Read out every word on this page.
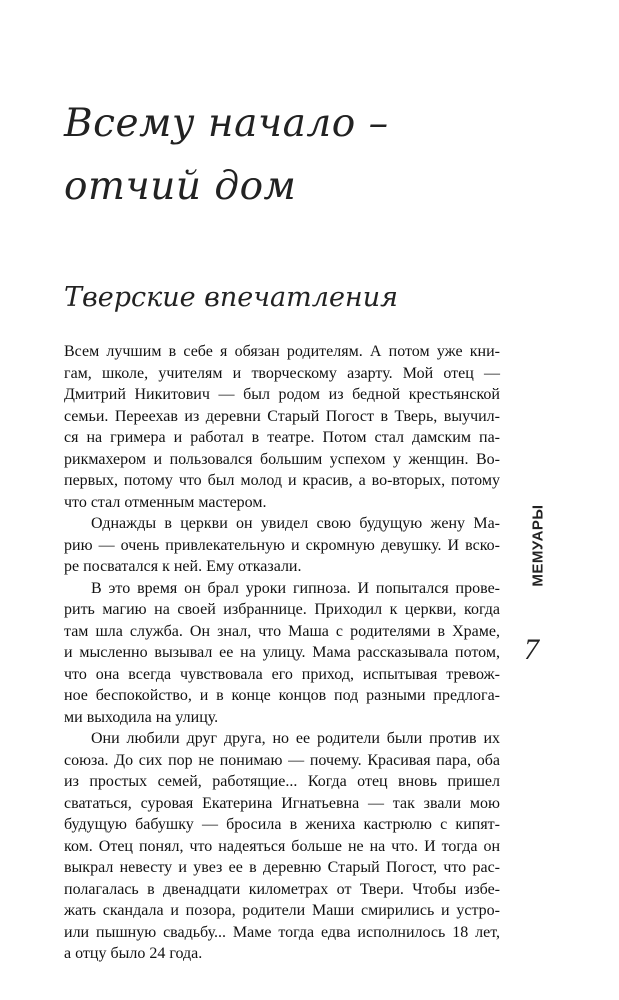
Всему начало –
отчий дом
Тверские впечатления

Всем лучшим в себе я обязан родителям. А потом уже кни-
гам, школе, учителям и творческому азарту. Мой отец —
Дмитрий Никитович — был родом из бедной крестьянской
семьи. Переехав из деревни Старый Погост в Тверь, выучил-
ся на гримера и работал в театре. Потом стал дамским па-
рикмахером и пользовался большим успехом у женщин. Во-
первых, потому что был молод и красив, а во-вторых, потому
что стал отменным мастером.

Однажды в церкви он увидел свою будущую жену Ма-
рию — очень привлекательную и скромную девушку. И вско-
ре посватался к ней. Ему отказали.

В это время он брал уроки гипноза. И попытался прове-
рить магию на своей избраннице. Приходил к церкви, когда
там шла служба. Он знал, что Маша с родителями в Храме,
и мысленно вызывал ее на улицу. Мама рассказывала потом,
что она всегда чувствовала его приход, испытывая тревож-
ное беспокойство, и в конце концов под разными предлога-
ми выходила на улицу.

Они любили друг друга, но ее родители были против их
союза. До сих пор не понимаю — почему. Красивая пара, оба
из простых семей, работящие... Когда отец вновь пришел
свататься, суровая Екатерина Игнатьевна — так звали мою
будущую бабушку — бросила в жениха кастрюлю с кипят-
ком. Отец понял, что надеяться больше не на что. И тогда он
выкрал невесту и увез ее в деревню Старый Погост, что рас-
полагалась в двенадцати километрах от Твери. Чтобы избе-
жать скандала и позора, родители Маши смирились и устро-
или пышную свадьбу... Маме тогда едва исполнилось 18 лет,
а отцу было 24 года.

МЕМУАРЫ
7
